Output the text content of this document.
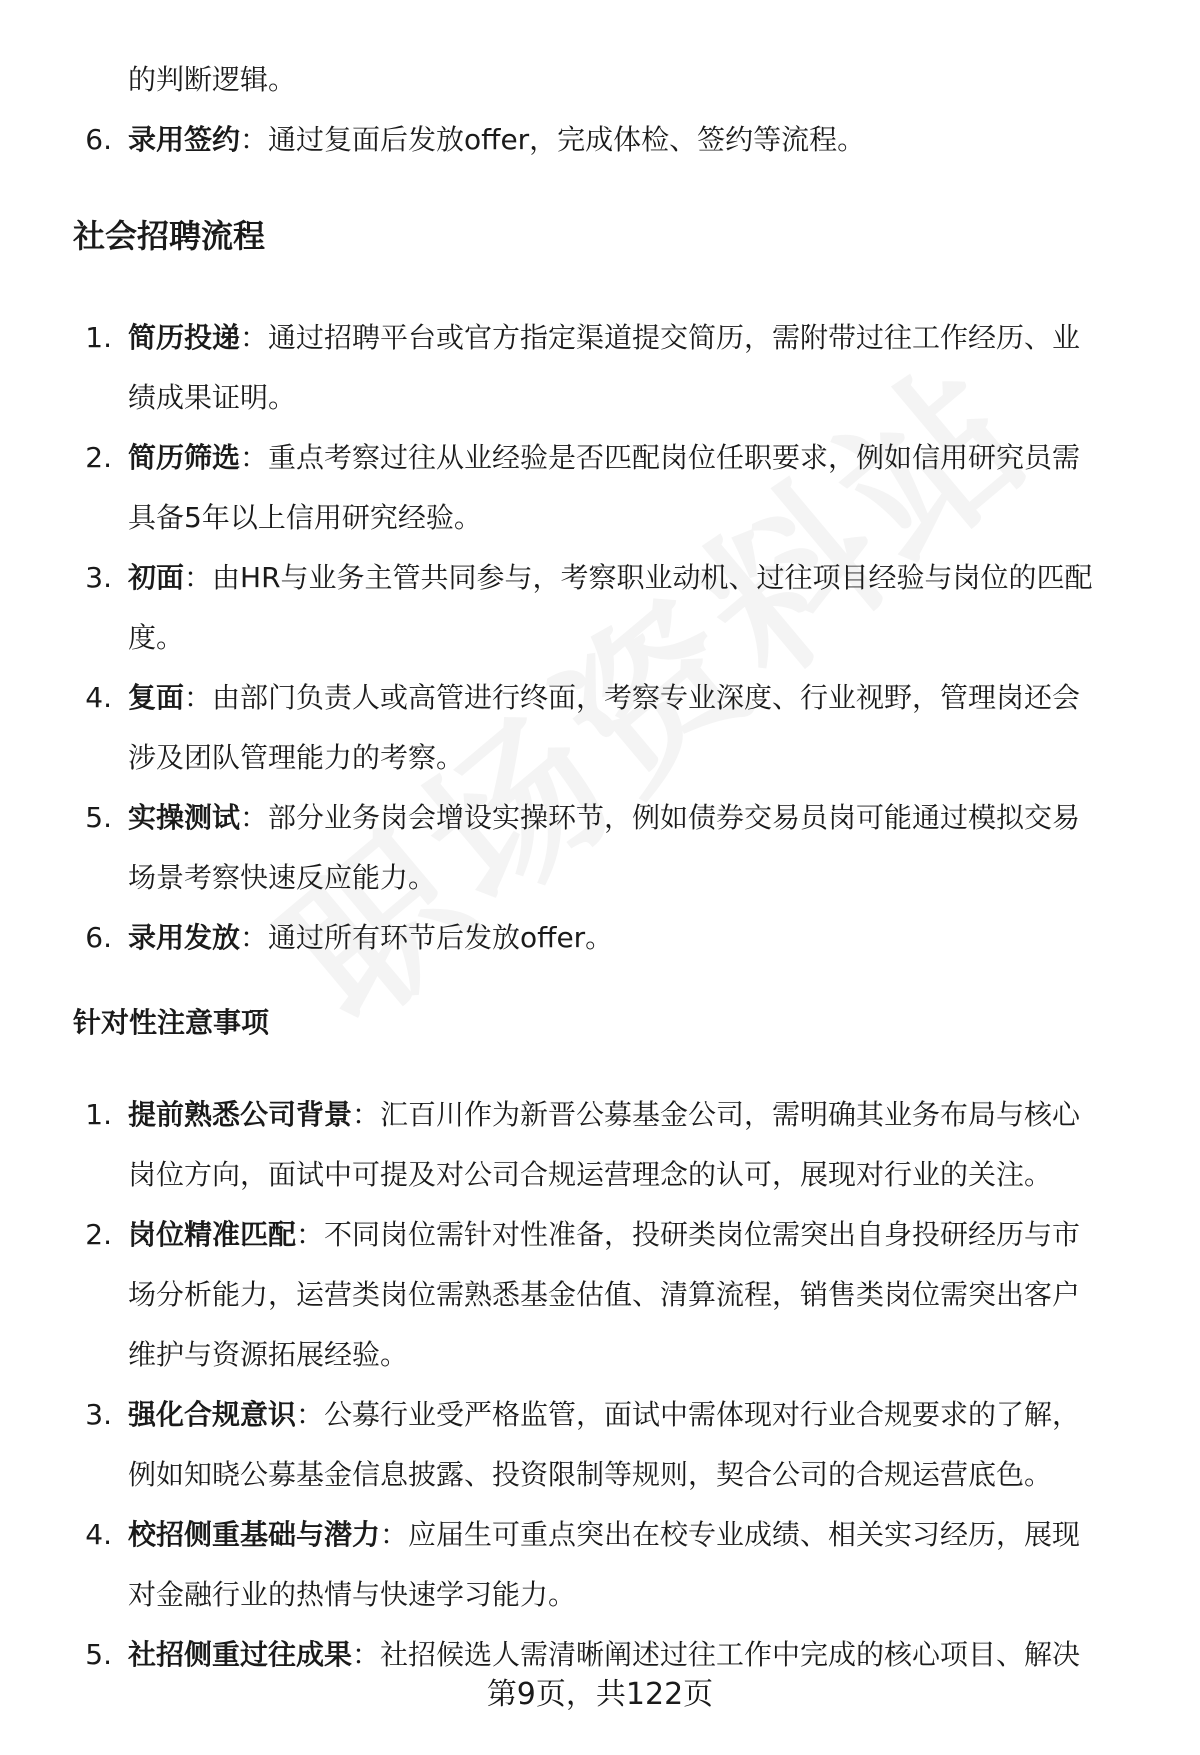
的判断逻辑。
6. 录用签约：通过复面后发放offer，完成体检、签约等流程。
社会招聘流程
1. 简历投递：通过招聘平台或官方指定渠道提交简历，需附带过往工作经历、业
绩成果证明。
2. 简历筛选：重点考察过往从业经验是否匹配岗位任职要求，例如信用研究员需
具备5年以上信用研究经验。
3. 初面：由HR与业务主管共同参与，考察职业动机、过往项目经验与岗位的匹配
度。
4. 复面：由部门负责人或高管进行终面，考察专业深度、行业视野，管理岗还会
涉及团队管理能力的考察。
5. 实操测试：部分业务岗会增设实操环节，例如债券交易员岗可能通过模拟交易
场景考察快速反应能力。
6. 录用发放：通过所有环节后发放offer。
针对性注意事项
1. 提前熟悉公司背景：汇百川作为新晋公募基金公司，需明确其业务布局与核心
岗位方向，面试中可提及对公司合规运营理念的认可，展现对行业的关注。
2. 岗位精准匹配：不同岗位需针对性准备，投研类岗位需突出自身投研经历与市
场分析能力，运营类岗位需熟悉基金估值、清算流程，销售类岗位需突出客户
维护与资源拓展经验。
3. 强化合规意识：公募行业受严格监管，面试中需体现对行业合规要求的了解，
例如知晓公募基金信息披露、投资限制等规则，契合公司的合规运营底色。
4. 校招侧重基础与潜力：应届生可重点突出在校专业成绩、相关实习经历，展现
对金融行业的热情与快速学习能力。
5. 社招侧重过往成果：社招候选人需清晰阐述过往工作中完成的核心项目、解决
第9页，共122页
